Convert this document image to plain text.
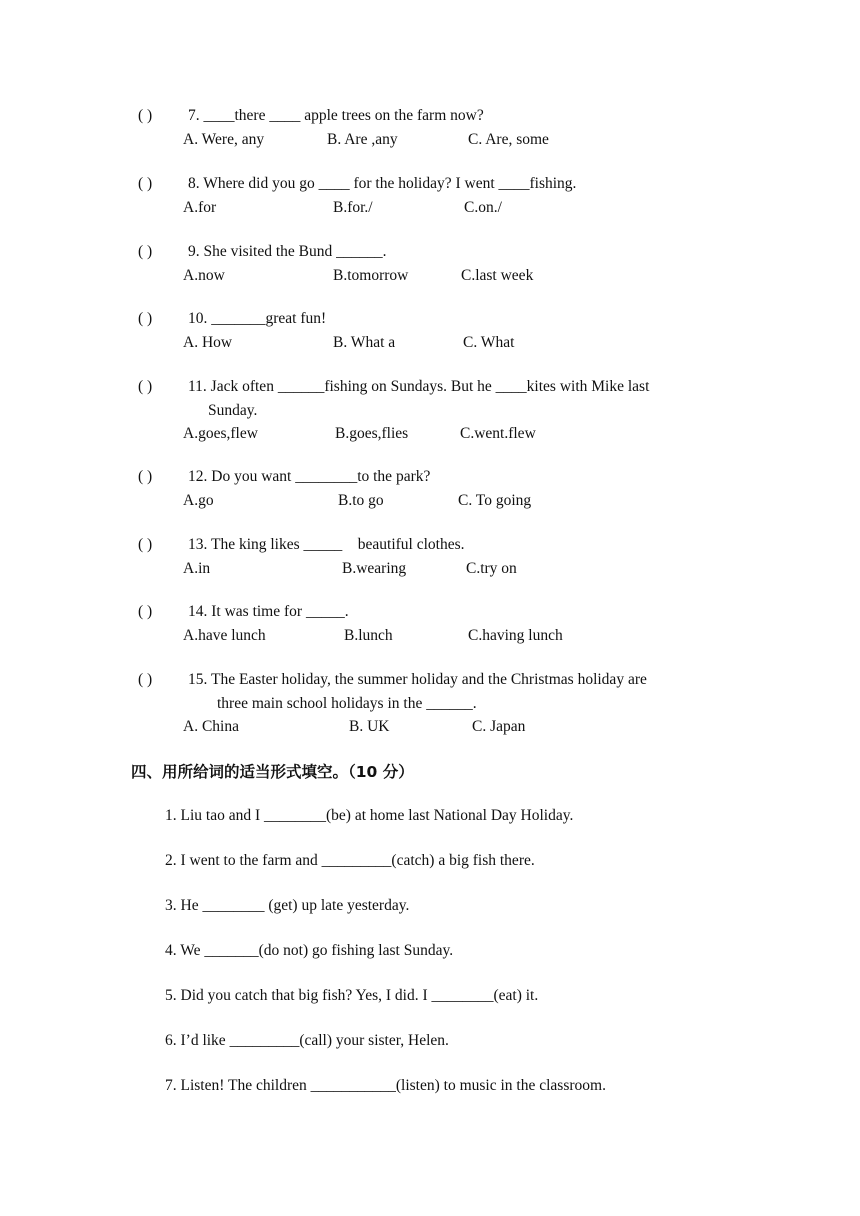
( ) 7. ____there ____ apple trees on the farm now?
A. Were, any	B. Are ,any	C. Are, some
( ) 8. Where did you go ____ for the holiday? I went ____fishing.
A.for	B.for./	C.on./
( ) 9. She visited the Bund ______.
A.now	B.tomorrow	C.last week
( ) 10. _______great fun!
A. How	B. What a	C. What
( ) 11. Jack often ______fishing on Sundays. But he ____kites with Mike last
Sunday.
A.goes,flew	B.goes,flies	C.went.flew
( ) 12. Do you want ________to the park?
A.go	B.to go	C. To going
( ) 13. The king likes _____    beautiful clothes.
A.in	B.wearing	C.try on
( ) 14. It was time for _____.
A.have lunch	B.lunch	C.having lunch
( ) 15. The Easter holiday, the summer holiday and the Christmas holiday are
three main school holidays in the ______.
A. China	B. UK	C. Japan
四、用所给词的适当形式填空。（10 分）
1. Liu tao and I ________(be) at home last National Day Holiday.
2. I went to the farm and _________(catch) a big fish there.
3. He ________ (get) up late yesterday.
4. We _______(do not) go fishing last Sunday.
5. Did you catch that big fish? Yes, I did. I ________(eat) it.
6. I’d like _________(call) your sister, Helen.
7. Listen! The children ___________(listen) to music in the classroom.
